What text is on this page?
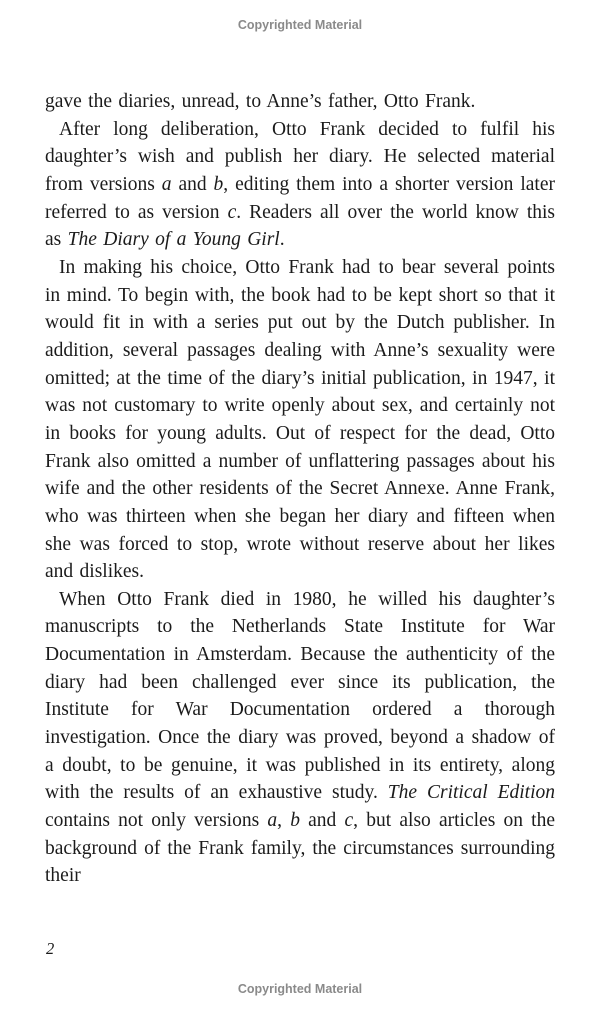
Copyrighted Material

gave the diaries, unread, to Anne’s father, Otto Frank.

After long deliberation, Otto Frank decided to fulfil his daughter’s wish and publish her diary. He selected material from versions a and b, editing them into a shorter version later referred to as version c. Readers all over the world know this as The Diary of a Young Girl.

In making his choice, Otto Frank had to bear several points in mind. To begin with, the book had to be kept short so that it would fit in with a series put out by the Dutch publisher. In addition, several passages dealing with Anne’s sexuality were omitted; at the time of the diary’s initial publication, in 1947, it was not customary to write openly about sex, and certainly not in books for young adults. Out of respect for the dead, Otto Frank also omitted a number of unflattering passages about his wife and the other residents of the Secret Annexe. Anne Frank, who was thirteen when she began her diary and fifteen when she was forced to stop, wrote without reserve about her likes and dislikes.

When Otto Frank died in 1980, he willed his daughter’s manuscripts to the Netherlands State Institute for War Documentation in Amsterdam. Because the authenticity of the diary had been challenged ever since its publication, the Institute for War Documentation ordered a thorough investigation. Once the diary was proved, beyond a shadow of a doubt, to be genuine, it was published in its entirety, along with the results of an exhaustive study. The Critical Edition contains not only versions a, b and c, but also articles on the background of the Frank family, the circumstances surrounding their

2
Copyrighted Material
